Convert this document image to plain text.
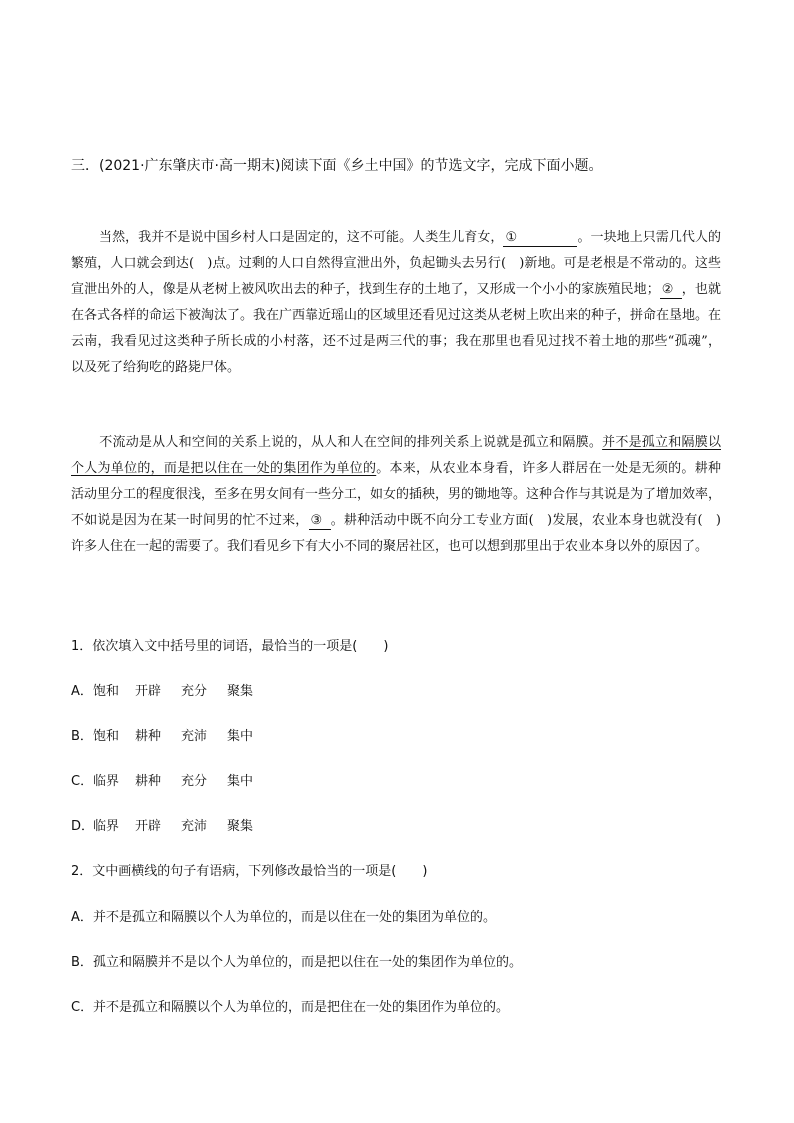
三．(2021·广东肇庆市·高一期末)阅读下面《乡土中国》的节选文字，完成下面小题。
当然，我并不是说中国乡村人口是固定的，这不可能。人类生儿育女， ①	。一块地上只需几代人的繁殖，人口就会到达(　)点。过剩的人口自然得宣泄出外，负起锄头去另行(　)新地。可是老根是不常动的。这些宣泄出外的人，像是从老树上被风吹出去的种子，找到生存的土地了，又形成一个小小的家族殖民地； ② ，也就在各式各样的命运下被淘汰了。我在广西靠近瑶山的区域里还看见过这类从老树上吹出来的种子，拼命在垦地。在云南，我看见过这类种子所长成的小村落，还不过是两三代的事；我在那里也看见过找不着土地的那些“孤魂”，以及死了给狗吃的路毙尸体。
不流动是从人和空间的关系上说的，从人和人在空间的排列关系上说就是孤立和隔膜。并不是孤立和隔膜以个人为单位的，而是把以住在一处的集团作为单位的。本来，从农业本身看，许多人群居在一处是无须的。耕种活动里分工的程度很浅，至多在男女间有一些分工，如女的插秧，男的锄地等。这种合作与其说是为了增加效率，不如说是因为在某一时间男的忙不过来， ③ 。耕种活动中既不向分工专业方面(　)发展，农业本身也就没有(　)许多人住在一起的需要了。我们看见乡下有大小不同的聚居社区，也可以想到那里出于农业本身以外的原因了。
1．依次填入文中括号里的词语，最恰当的一项是(　　)
A．饱和 开辟 充分 聚集
B．饱和 耕种 充沛 集中
C．临界 耕种 充分 集中
D．临界 开辟 充沛 聚集
2．文中画横线的句子有语病，下列修改最恰当的一项是(　　)
A．并不是孤立和隔膜以个人为单位的，而是以住在一处的集团为单位的。
B．孤立和隔膜并不是以个人为单位的，而是把以住在一处的集团作为单位的。
C．并不是孤立和隔膜以个人为单位的，而是把住在一处的集团作为单位的。
